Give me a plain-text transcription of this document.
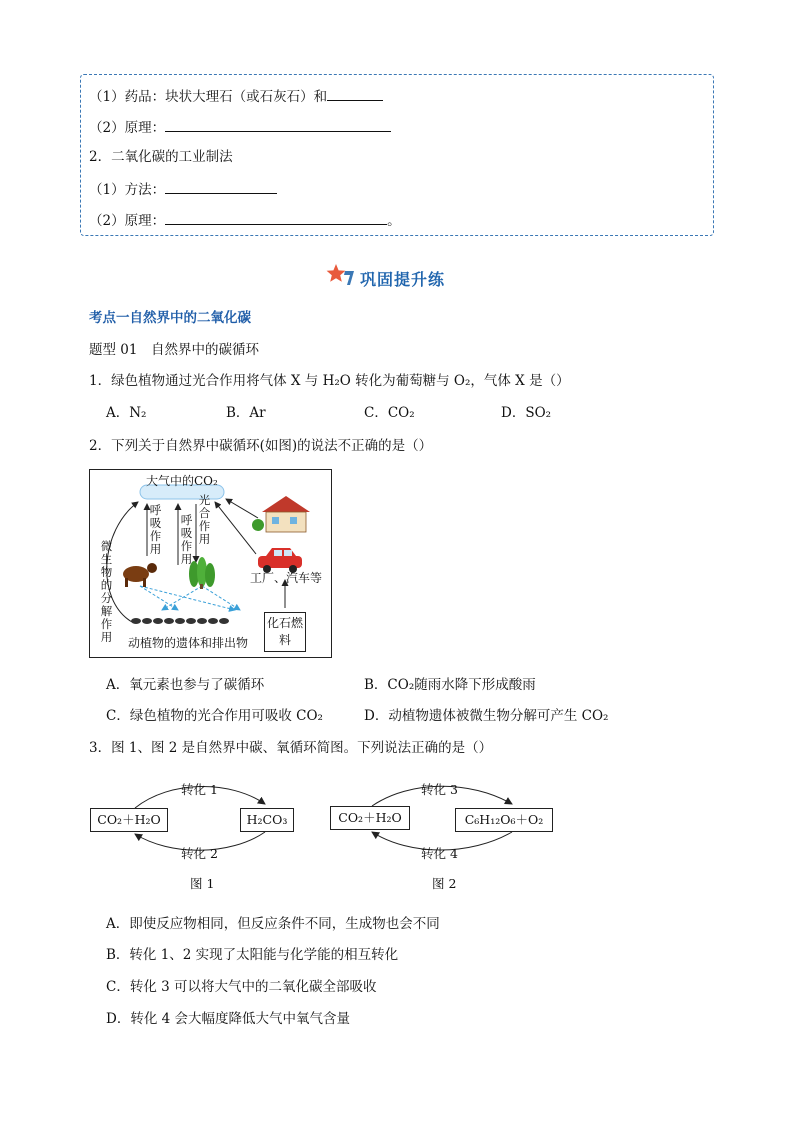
（1）药品：块状大理石（或石灰石）和
（2）原理：
2．二氧化碳的工业制法
（1）方法：
（2）原理：	。
巩固提升练
考点一自然界中的二氧化碳
题型 01　自然界中的碳循环
1．绿色植物通过光合作用将气体 X 与 H₂O 转化为葡萄糖与 O₂，气体 X 是（）
A．N₂	B．Ar	C．CO₂	D．SO₂
2．下列关于自然界中碳循环(如图)的说法不正确的是（）
大气中的CO₂
呼吸作用
呼吸作用
光合作用
微生物的分解作用
工厂、汽车等
化石燃料
动植物的遗体和排出物
A．氧元素也参与了碳循环	B．CO₂随雨水降下形成酸雨
C．绿色植物的光合作用可吸收 CO₂	D．动植物遗体被微生物分解可产生 CO₂
3．图 1、图 2 是自然界中碳、氧循环简图。下列说法正确的是（）
CO₂＋H₂O	H₂CO₃
转化 1
转化 2
图 1
CO₂＋H₂O	C₆H₁₂O₆＋O₂
转化 3
转化 4
图 2
A．即使反应物相同，但反应条件不同，生成物也会不同
B．转化 1、2 实现了太阳能与化学能的相互转化
C．转化 3 可以将大气中的二氧化碳全部吸收
D．转化 4 会大幅度降低大气中氧气含量
